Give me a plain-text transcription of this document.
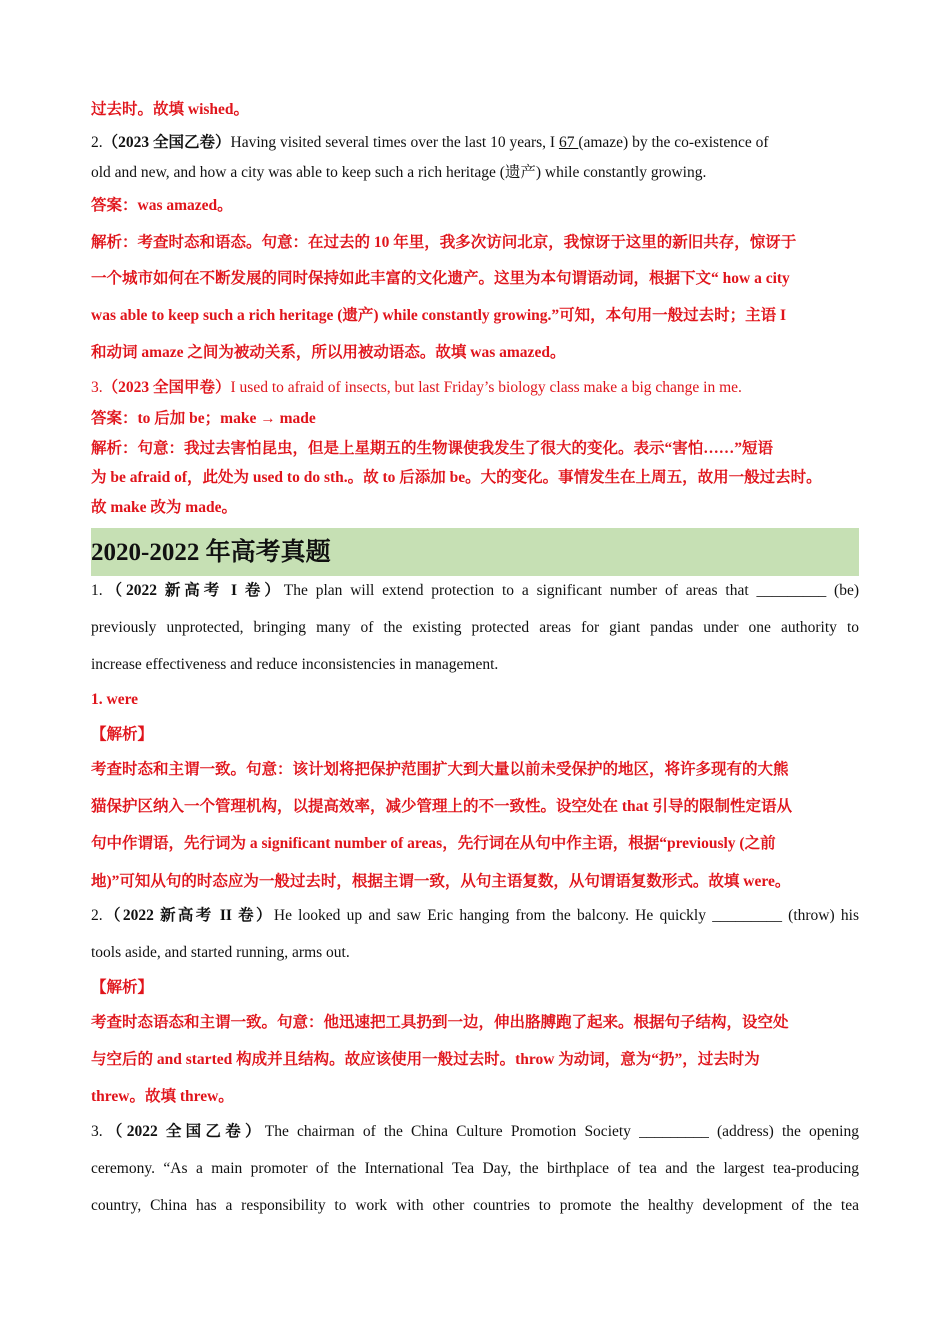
过去时。故填 wished。
2.（2023 全国乙卷）Having visited several times over the last 10 years, I 67 (amaze) by the co-existence of
old and new, and how a city was able to keep such a rich heritage (遗产) while constantly growing.
答案：was amazed。
解析：考查时态和语态。句意：在过去的 10 年里，我多次访问北京，我惊讶于这里的新旧共存，惊讶于
一个城市如何在不断发展的同时保持如此丰富的文化遗产。这里为本句谓语动词，根据下文“ how a city
was able to keep such a rich heritage (遗产) while constantly growing.”可知，本句用一般过去时；主语 I
和动词 amaze 之间为被动关系，所以用被动语态。故填 was amazed。
3.（2023 全国甲卷）I used to afraid of insects, but last Friday’s biology class make a big change in me.
答案：to 后加 be；make → made
解析：句意：我过去害怕昆虫，但是上星期五的生物课使我发生了很大的变化。表示“害怕……”短语
为 be afraid of，此处为 used to do sth.。故 to 后添加 be。大的变化。事情发生在上周五，故用一般过去时。
故 make 改为 made。
2020-2022 年高考真题
1.（2022 新高考 I 卷）The plan will extend protection to a significant number of areas that _________ (be)
previously unprotected, bringing many of the existing protected areas for giant pandas under one authority to
increase effectiveness and reduce inconsistencies in management.
1. were
【解析】
考查时态和主谓一致。句意：该计划将把保护范围扩大到大量以前未受保护的地区，将许多现有的大熊
猫保护区纳入一个管理机构，以提高效率，减少管理上的不一致性。设空处在 that 引导的限制性定语从
句中作谓语，先行词为 a significant number of areas，先行词在从句中作主语，根据“previously (之前
地)”可知从句的时态应为一般过去时，根据主谓一致，从句主语复数，从句谓语复数形式。故填 were。
2.（2022 新高考 II 卷）He looked up and saw Eric hanging from the balcony. He quickly _________ (throw) his
tools aside, and started running, arms out.
【解析】
考查时态语态和主谓一致。句意：他迅速把工具扔到一边，伸出胳膊跑了起来。根据句子结构，设空处
与空后的 and started 构成并且结构。故应该使用一般过去时。throw 为动词，意为“扔”，过去时为
threw。故填 threw。
3.（2022 全国乙卷）The chairman of the China Culture Promotion Society _________ (address) the opening
ceremony. “As a main promoter of the International Tea Day, the birthplace of tea and the largest tea-producing
country, China has a responsibility to work with other countries to promote the healthy development of the tea
